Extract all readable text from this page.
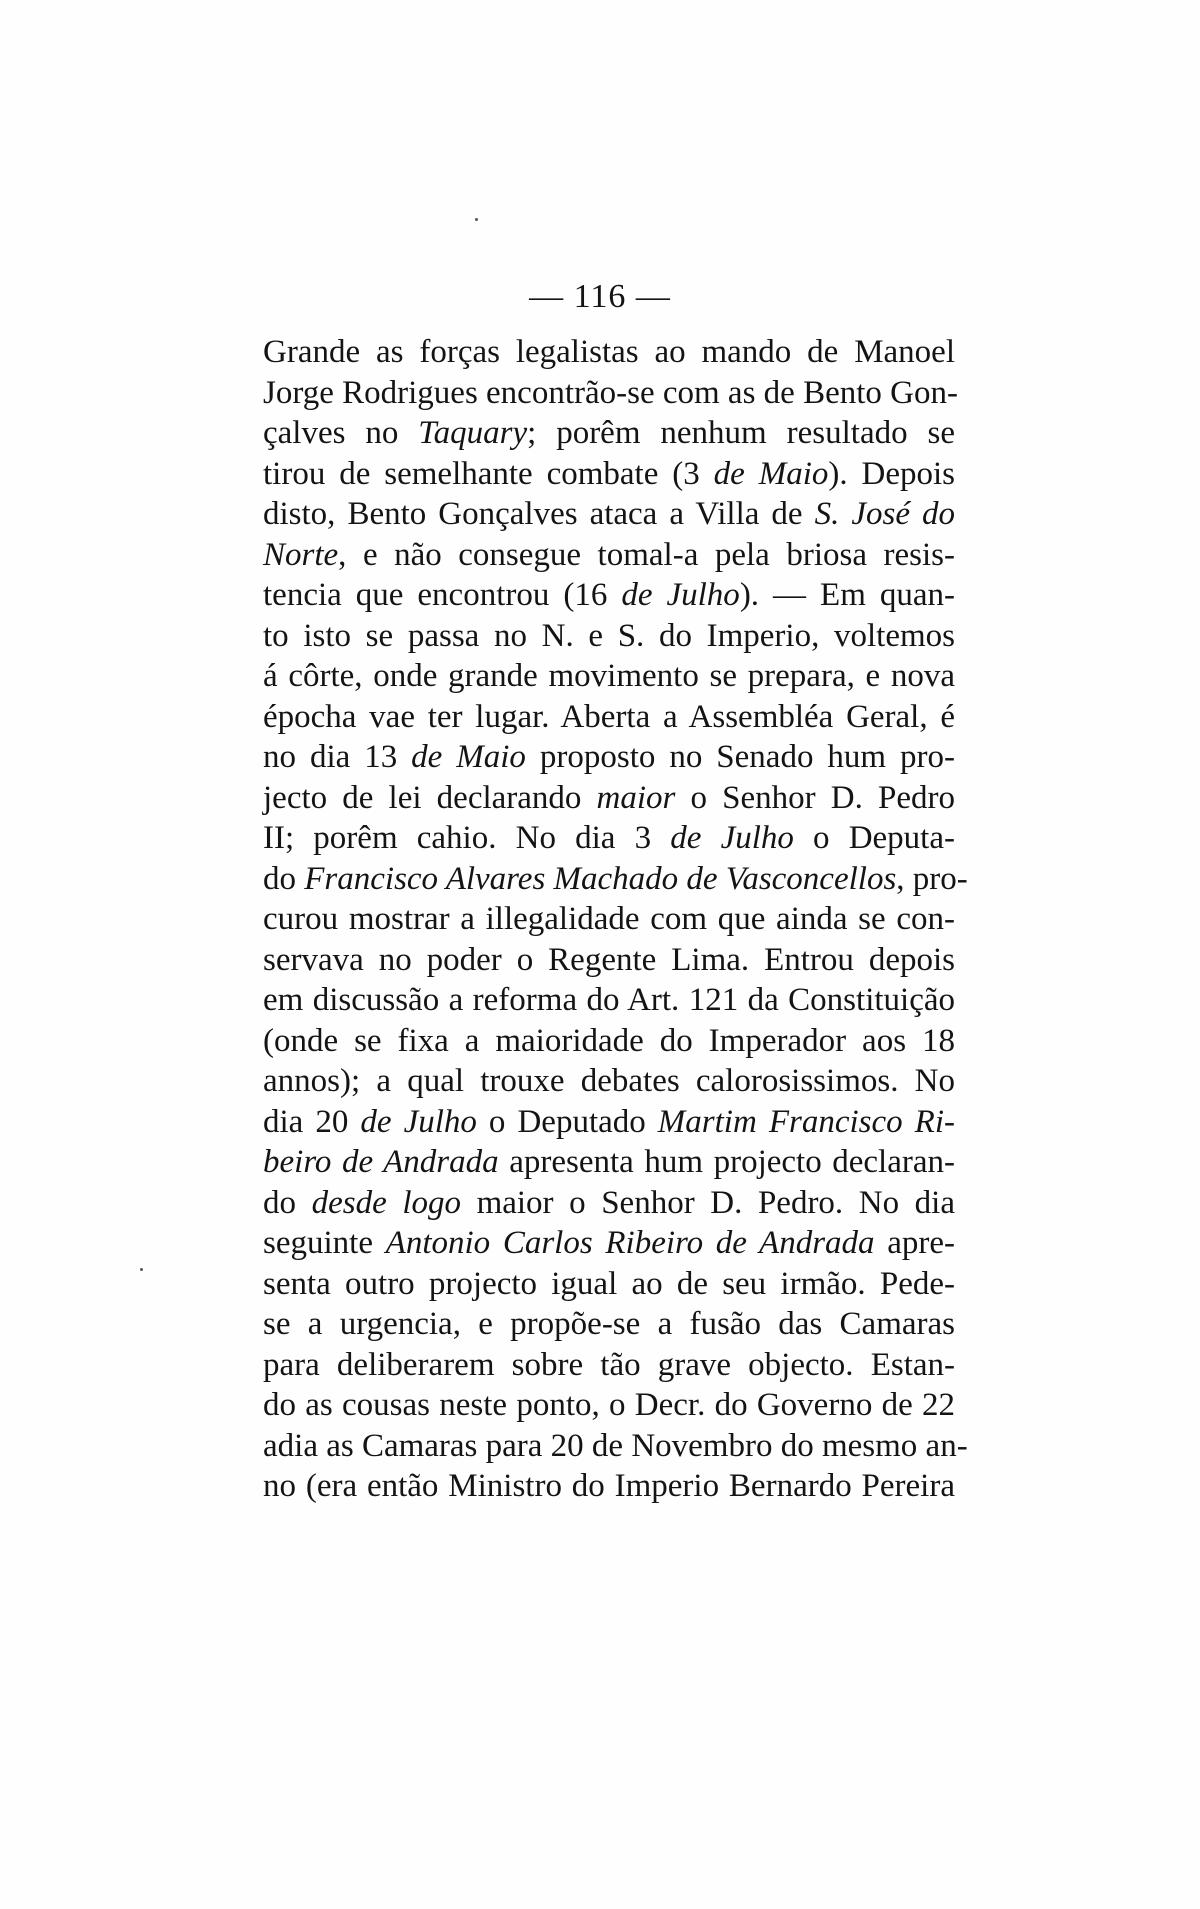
— 116 —
Grande as forças legalistas ao mando de Manoel
Jorge Rodrigues encontrão-se com as de Bento Gon-
çalves no Taquary; porêm nenhum resultado se
tirou de semelhante combate (3 de Maio). Depois
disto, Bento Gonçalves ataca a Villa de S. José do
Norte, e não consegue tomal-a pela briosa resis-
tencia que encontrou (16 de Julho). — Em quan-
to isto se passa no N. e S. do Imperio, voltemos
á côrte, onde grande movimento se prepara, e nova
épocha vae ter lugar. Aberta a Assembléa Geral, é
no dia 13 de Maio proposto no Senado hum pro-
jecto de lei declarando maior o Senhor D. Pedro
II; porêm cahio. No dia 3 de Julho o Deputa-
do Francisco Alvares Machado de Vasconcellos, pro-
curou mostrar a illegalidade com que ainda se con-
servava no poder o Regente Lima. Entrou depois
em discussão a reforma do Art. 121 da Constituição
(onde se fixa a maioridade do Imperador aos 18
annos); a qual trouxe debates calorosissimos. No
dia 20 de Julho o Deputado Martim Francisco Ri-
beiro de Andrada apresenta hum projecto declaran-
do desde logo maior o Senhor D. Pedro. No dia
seguinte Antonio Carlos Ribeiro de Andrada apre-
senta outro projecto igual ao de seu irmão. Pede-
se a urgencia, e propõe-se a fusão das Camaras
para deliberarem sobre tão grave objecto. Estan-
do as cousas neste ponto, o Decr. do Governo de 22
adia as Camaras para 20 de Novembro do mesmo an-
no (era então Ministro do Imperio Bernardo Pereira
